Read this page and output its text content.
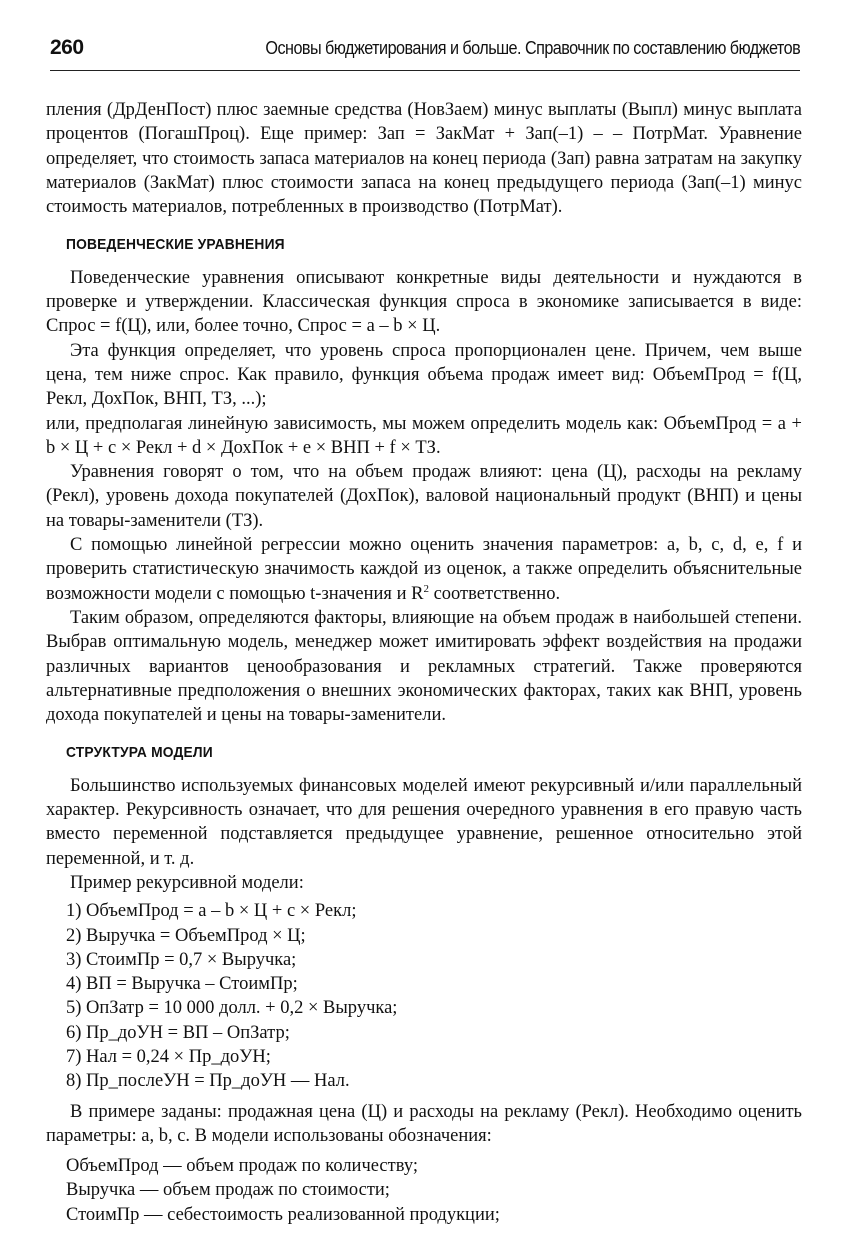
260	Основы бюджетирования и больше. Справочник по составлению бюджетов

пления (ДрДенПост) плюс заемные средства (НовЗаем) минус выплаты (Выпл) минус выплата процентов (ПогашПроц). Еще пример: Зап = ЗакМат + Зап(–1) – – ПотрМат. Уравнение определяет, что стоимость запаса материалов на конец периода (Зап) равна затратам на закупку материалов (ЗакМат) плюс стоимости запаса на конец предыдущего периода (Зап(–1) минус стоимость материалов, потребленных в производство (ПотрМат).

ПОВЕДЕНЧЕСКИЕ УРАВНЕНИЯ

Поведенческие уравнения описывают конкретные виды деятельности и нуждаются в проверке и утверждении. Классическая функция спроса в экономике записывается в виде: Спрос = f(Ц), или, более точно, Спрос = a – b × Ц.

Эта функция определяет, что уровень спроса пропорционален цене. Причем, чем выше цена, тем ниже спрос. Как правило, функция объема продаж имеет вид: ОбъемПрод = f(Ц, Рекл, ДохПок, ВНП, ТЗ, ...);

или, предполагая линейную зависимость, мы можем определить модель как: ОбъемПрод = a + b × Ц + c × Рекл + d × ДохПок + e × ВНП + f × ТЗ.

Уравнения говорят о том, что на объем продаж влияют: цена (Ц), расходы на рекламу (Рекл), уровень дохода покупателей (ДохПок), валовой национальный продукт (ВНП) и цены на товары-заменители (ТЗ).

С помощью линейной регрессии можно оценить значения параметров: a, b, c, d, e, f и проверить статистическую значимость каждой из оценок, а также определить объяснительные возможности модели с помощью t-значения и $R^2$ соответственно.

Таким образом, определяются факторы, влияющие на объем продаж в наибольшей степени. Выбрав оптимальную модель, менеджер может имитировать эффект воздействия на продажи различных вариантов ценообразования и рекламных стратегий. Также проверяются альтернативные предположения о внешних экономических факторах, таких как ВНП, уровень дохода покупателей и цены на товары-заменители.

СТРУКТУРА МОДЕЛИ

Большинство используемых финансовых моделей имеют рекурсивный и/или параллельный характер. Рекурсивность означает, что для решения очередного уравнения в его правую часть вместо переменной подставляется предыдущее уравнение, решенное относительно этой переменной, и т. д.

Пример рекурсивной модели:

1) ОбъемПрод = a – b × Ц + c × Рекл;
2) Выручка = ОбъемПрод × Ц;
3) СтоимПр = 0,7 × Выручка;
4) ВП = Выручка – СтоимПр;
5) ОпЗатр = 10 000 долл. + 0,2 × Выручка;
6) Пр_доУН = ВП – ОпЗатр;
7) Нал = 0,24 × Пр_доУН;
8) Пр_послеУН = Пр_доУН — Нал.

В примере заданы: продажная цена (Ц) и расходы на рекламу (Рекл). Необходимо оценить параметры: a, b, c. В модели использованы обозначения:

ОбъемПрод — объем продаж по количеству;
Выручка — объем продаж по стоимости;
СтоимПр — себестоимость реализованной продукции;
